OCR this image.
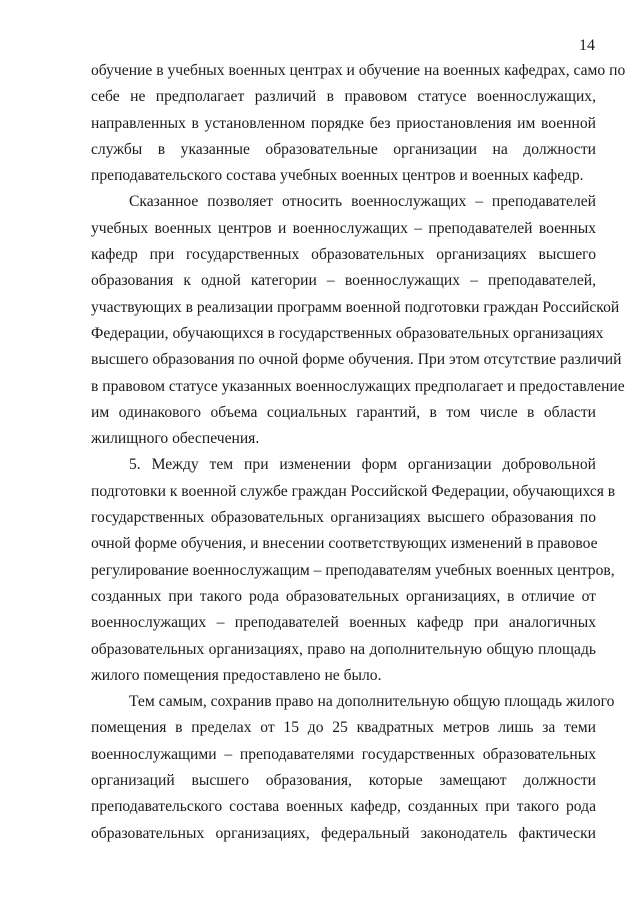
14
обучение в учебных военных центрах и обучение на военных кафедрах, само по
себе не предполагает различий в правовом статусе военнослужащих,
направленных в установленном порядке без приостановления им военной
службы в указанные образовательные организации на должности
преподавательского состава учебных военных центров и военных кафедр.
Сказанное позволяет относить военнослужащих – преподавателей
учебных военных центров и военнослужащих – преподавателей военных
кафедр при государственных образовательных организациях высшего
образования к одной категории – военнослужащих – преподавателей,
участвующих в реализации программ военной подготовки граждан Российской
Федерации, обучающихся в государственных образовательных организациях
высшего образования по очной форме обучения. При этом отсутствие различий
в правовом статусе указанных военнослужащих предполагает и предоставление
им одинакового объема социальных гарантий, в том числе в области
жилищного обеспечения.
5. Между тем при изменении форм организации добровольной
подготовки к военной службе граждан Российской Федерации, обучающихся в
государственных образовательных организациях высшего образования по
очной форме обучения, и внесении соответствующих изменений в правовое
регулирование военнослужащим – преподавателям учебных военных центров,
созданных при такого рода образовательных организациях, в отличие от
военнослужащих – преподавателей военных кафедр при аналогичных
образовательных организациях, право на дополнительную общую площадь
жилого помещения предоставлено не было.
Тем самым, сохранив право на дополнительную общую площадь жилого
помещения в пределах от 15 до 25 квадратных метров лишь за теми
военнослужащими – преподавателями государственных образовательных
организаций высшего образования, которые замещают должности
преподавательского состава военных кафедр, созданных при такого рода
образовательных организациях, федеральный законодатель фактически
